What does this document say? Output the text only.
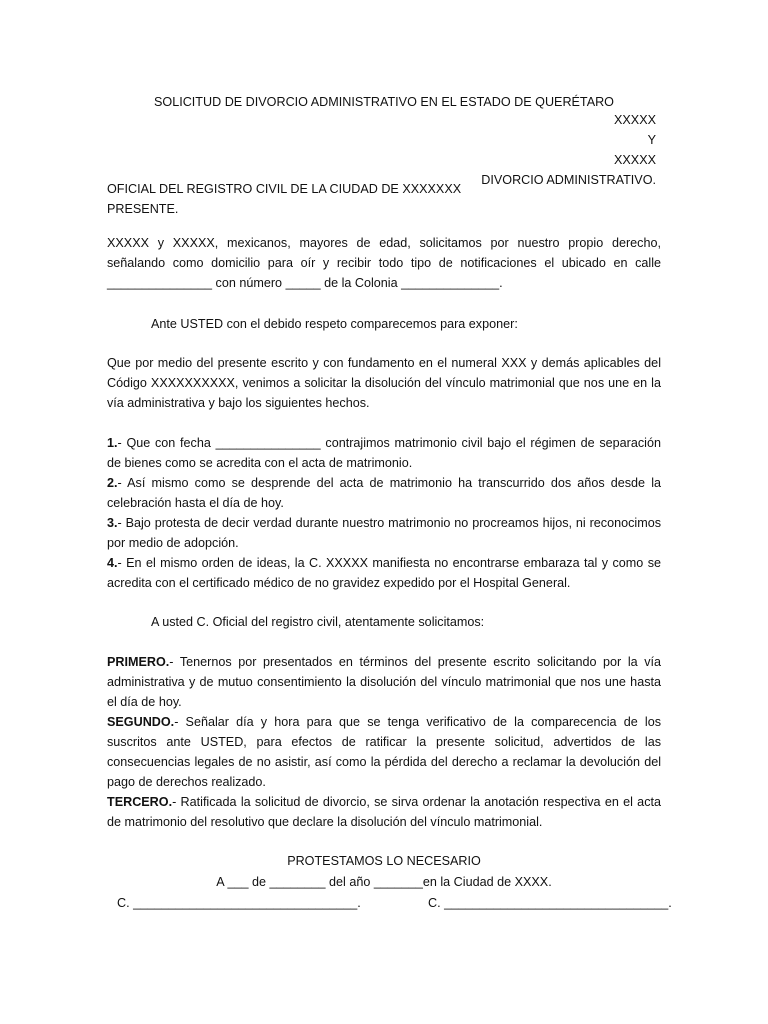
SOLICITUD DE DIVORCIO ADMINISTRATIVO EN EL ESTADO DE QUERÉTARO
XXXXX
Y
XXXXX
DIVORCIO ADMINISTRATIVO.
OFICIAL DEL REGISTRO CIVIL DE LA CIUDAD DE XXXXXXX
PRESENTE.

XXXXX y XXXXX, mexicanos, mayores de edad, solicitamos por nuestro propio derecho, señalando como domicilio para oír y recibir todo tipo de notificaciones el ubicado en calle _______________ con número _____ de la Colonia ______________.

Ante USTED con el debido respeto comparecemos para exponer:

Que por medio del presente escrito y con fundamento en el numeral XXX y demás aplicables del Código XXXXXXXXXX, venimos a solicitar la disolución del vínculo matrimonial que nos une en la vía administrativa y bajo los siguientes hechos.

1.- Que con fecha _______________ contrajimos matrimonio civil bajo el régimen de separación de bienes como se acredita con el acta de matrimonio.

2.- Así mismo como se desprende del acta de matrimonio ha transcurrido dos años desde la celebración hasta el día de hoy.

3.- Bajo protesta de decir verdad durante nuestro matrimonio no procreamos hijos, ni reconocimos por medio de adopción.

4.- En el mismo orden de ideas, la C. XXXXX manifiesta no encontrarse embaraza tal y como se acredita con el certificado médico de no gravidez expedido por el Hospital General.

A usted C. Oficial del registro civil, atentamente solicitamos:

PRIMERO.- Tenernos por presentados en términos del presente escrito solicitando por la vía administrativa y de mutuo consentimiento la disolución del vínculo matrimonial que nos une hasta el día de hoy.

SEGUNDO.- Señalar día y hora para que se tenga verificativo de la comparecencia de los suscritos ante USTED, para efectos de ratificar la presente solicitud, advertidos de las consecuencias legales de no asistir, así como la pérdida del derecho a reclamar la devolución del pago de derechos realizado.

TERCERO.- Ratificada la solicitud de divorcio, se sirva ordenar la anotación respectiva en el acta de matrimonio del resolutivo que declare la disolución del vínculo matrimonial.

PROTESTAMOS LO NECESARIO
A ___ de ________ del año _______en la Ciudad de XXXX.
C. ________________________________.	C. ________________________________.
